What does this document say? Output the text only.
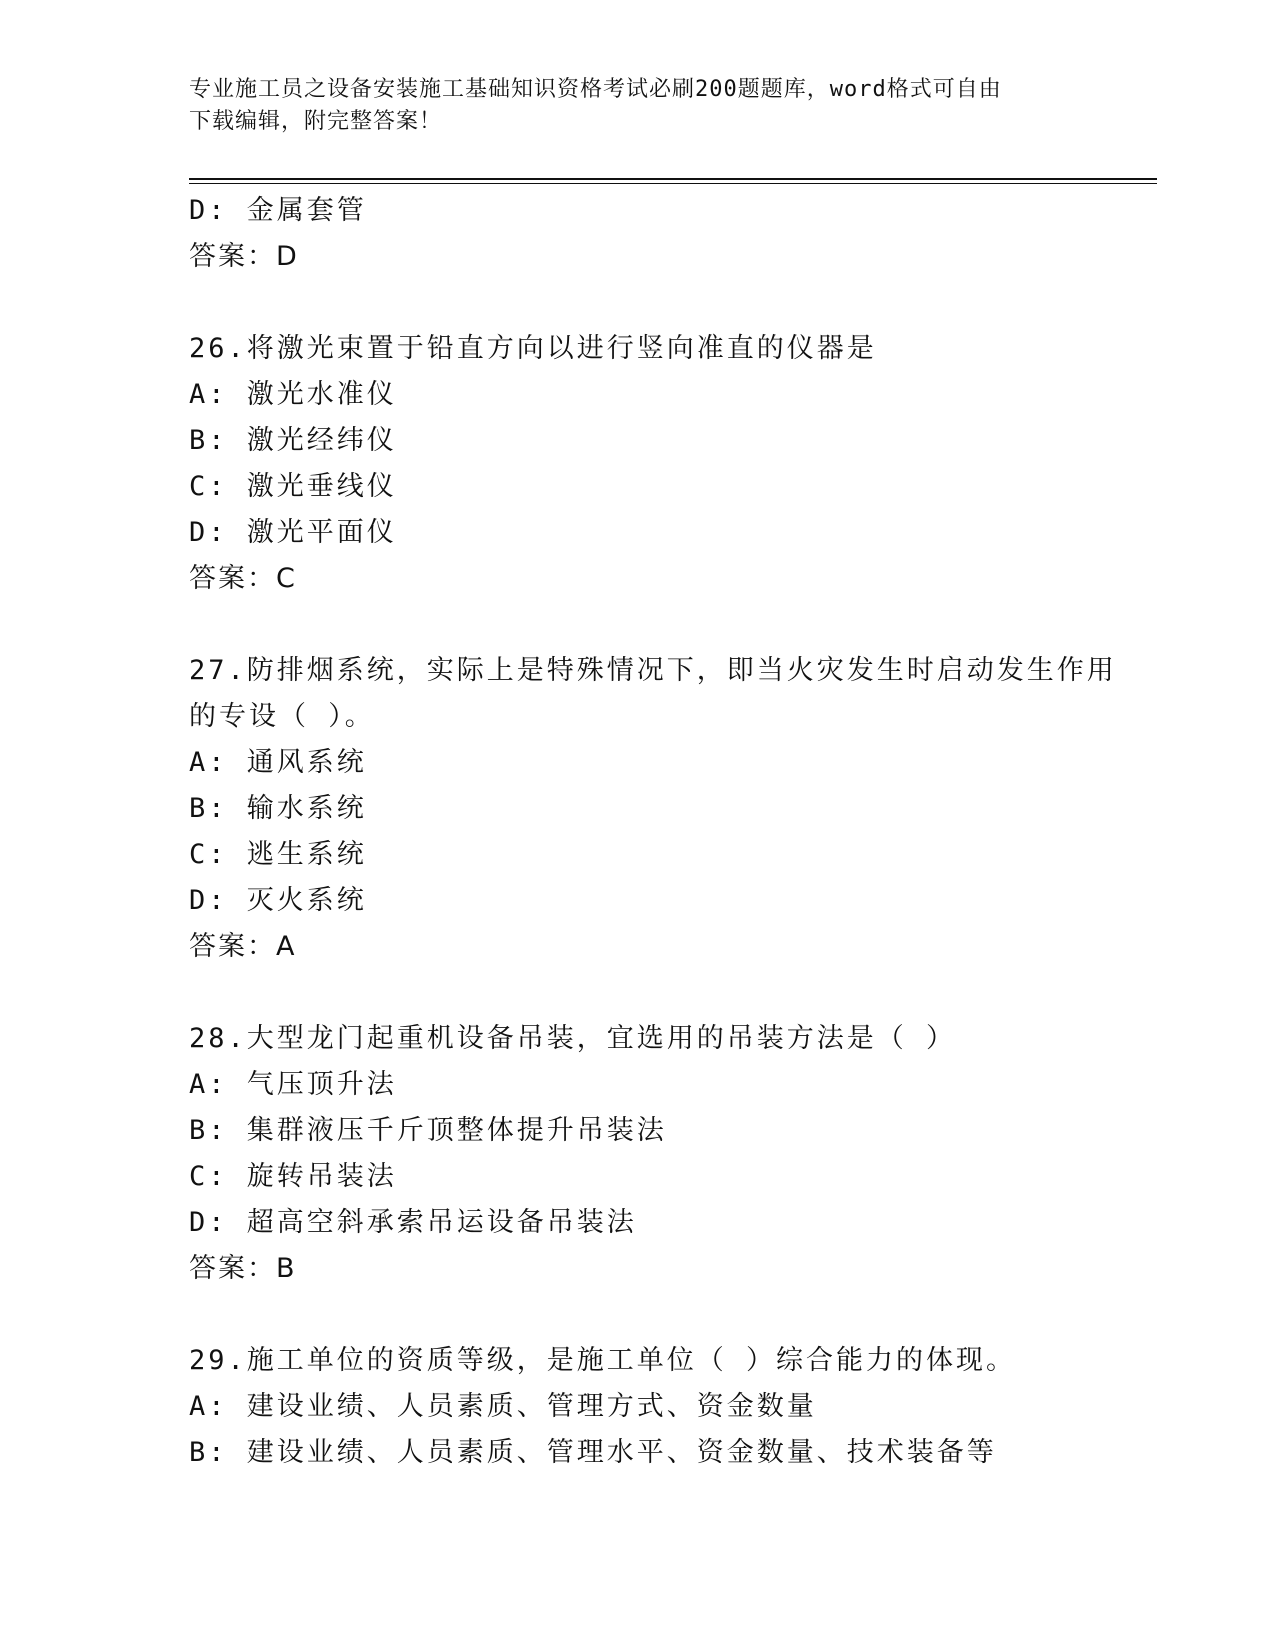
专业施工员之设备安装施工基础知识资格考试必刷200题题库，word格式可自由
下载编辑，附完整答案！
D: 金属套管
答案：D
26.将激光束置于铅直方向以进行竖向准直的仪器是
A: 激光水准仪
B: 激光经纬仪
C: 激光垂线仪
D: 激光平面仪
答案：C
27.防排烟系统，实际上是特殊情况下，即当火灾发生时启动发生作用
的专设（ ）。
A: 通风系统
B: 输水系统
C: 逃生系统
D: 灭火系统
答案：A
28.大型龙门起重机设备吊装，宜选用的吊装方法是（ ）
A: 气压顶升法
B: 集群液压千斤顶整体提升吊装法
C: 旋转吊装法
D: 超高空斜承索吊运设备吊装法
答案：B
29.施工单位的资质等级，是施工单位（ ）综合能力的体现。
A: 建设业绩、人员素质、管理方式、资金数量
B: 建设业绩、人员素质、管理水平、资金数量、技术装备等
